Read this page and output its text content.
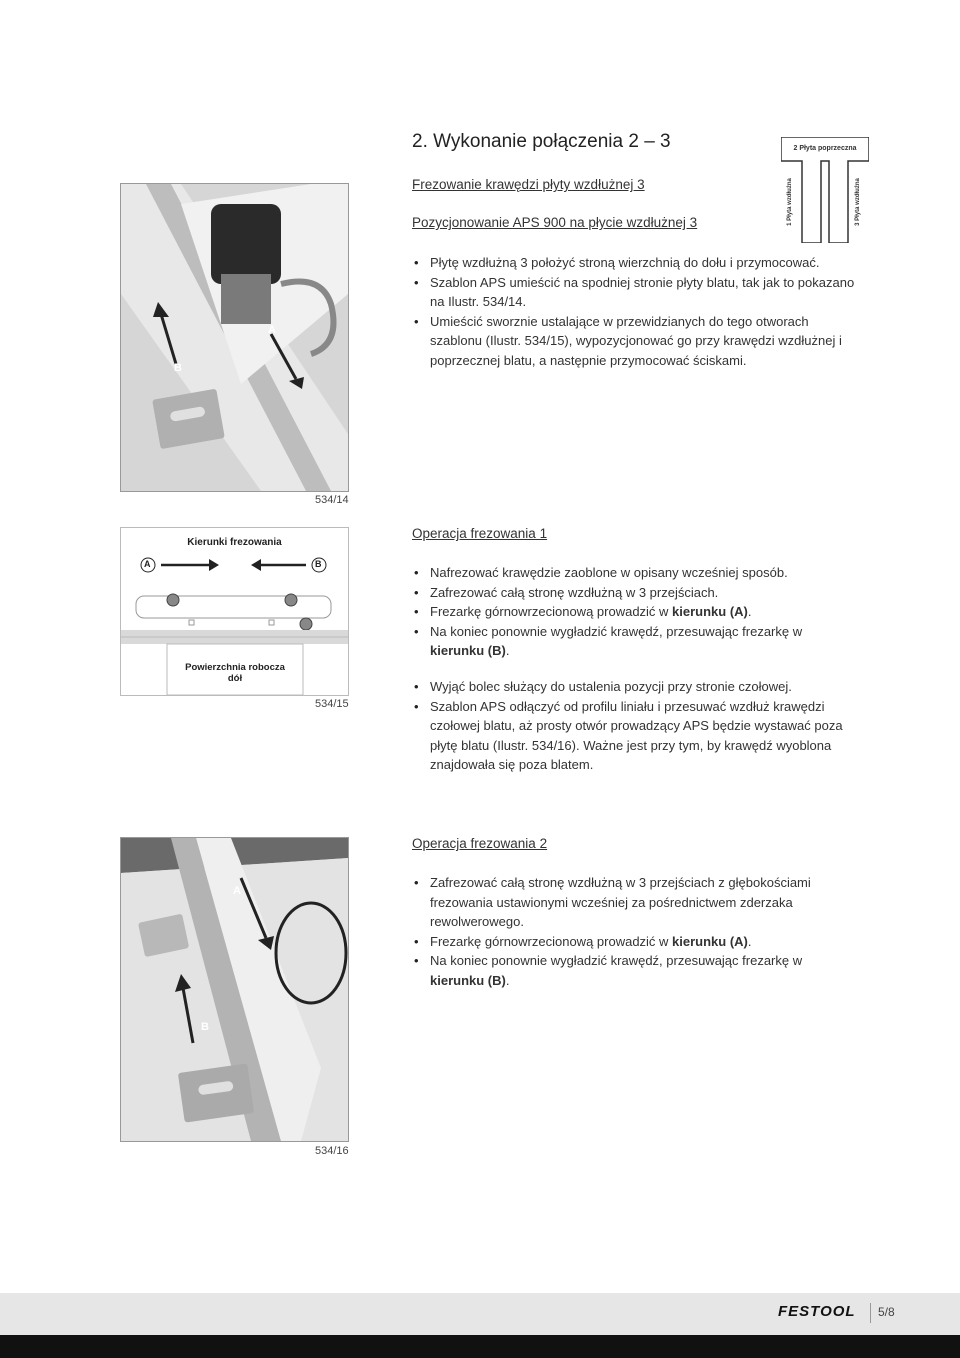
2. Wykonanie połączenia 2 – 3
Frezowanie krawędzi płyty wzdłużnej 3
Pozycjonowanie APS 900 na płycie wzdłużnej 3
2 Płyta poprzeczna
1 Płyta wzdłużna	3 Płyta wzdłużna
A
B
534/14
• Płytę wzdłużną 3 położyć stroną wierzchnią do dołu i przymocować.
• Szablon APS umieścić na spodniej stronie płyty blatu, tak jak to pokazano na Ilustr. 534/14.
• Umieścić sworznie ustalające w przewidzianych do tego otworach szablonu (Ilustr. 534/15), wypozycjonować go przy krawędzi wzdłużnej i poprzecznej blatu, a następnie przymocować ściskami.
Kierunki frezowania
A	B
Powierzchnia robocza dół
534/15
Operacja frezowania 1
• Nafrezować krawędzie zaoblone w opisany wcześniej sposób.
• Zafrezować całą stronę wzdłużną w 3 przejściach.
• Frezarkę górnowrzecionową prowadzić w kierunku (A).
• Na koniec ponownie wygładzić krawędź, przesuwając frezarkę w kierunku (B).
• Wyjąć bolec służący do ustalenia pozycji przy stronie czołowej.
• Szablon APS odłączyć od profilu liniału i przesuwać wzdłuż krawędzi czołowej blatu, aż prosty otwór prowadzący APS będzie wystawać poza płytę blatu (Ilustr. 534/16). Ważne jest przy tym, by krawędź wyoblona znajdowała się poza blatem.
A
B
534/16
Operacja frezowania 2
• Zafrezować całą stronę wzdłużną w 3 przejściach z głębokościami frezowania ustawionymi wcześniej za pośrednictwem zderzaka rewolwerowego.
• Frezarkę górnowrzecionową prowadzić w kierunku (A).
• Na koniec ponownie wygładzić krawędź, przesuwając frezarkę w kierunku (B).
FESTOOL 5/8
